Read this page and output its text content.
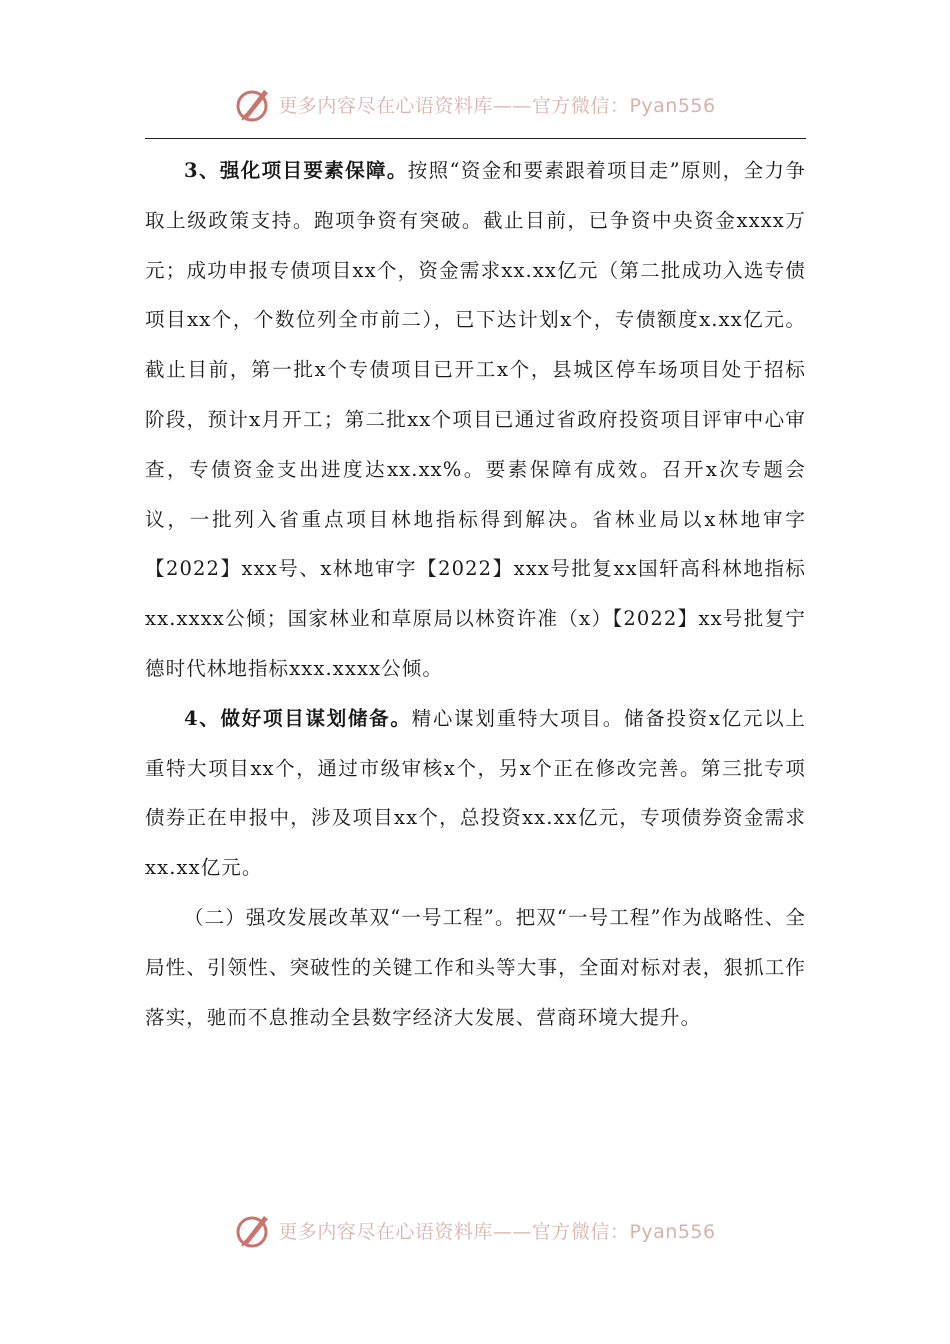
更多内容尽在心语资料库——官方微信：Pyan556

3、强化项目要素保障。按照“资金和要素跟着项目走”原则，全力争取上级政策支持。跑项争资有突破。截止目前，已争资中央资金xxxx万元；成功申报专债项目xx个，资金需求xx.xx亿元（第二批成功入选专债项目xx个，个数位列全市前二），已下达计划x个，专债额度x.xx亿元。截止目前，第一批x个专债项目已开工x个，县城区停车场项目处于招标阶段，预计x月开工；第二批xx个项目已通过省政府投资项目评审中心审查，专债资金支出进度达xx.xx%。要素保障有成效。召开x次专题会议，一批列入省重点项目林地指标得到解决。省林业局以x林地审字【2022】xxx号、x林地审字【2022】xxx号批复xx国轩高科林地指标xx.xxxx公倾；国家林业和草原局以林资许准（x）【2022】xx号批复宁德时代林地指标xxx.xxxx公倾。

4、做好项目谋划储备。精心谋划重特大项目。储备投资x亿元以上重特大项目xx个，通过市级审核x个，另x个正在修改完善。第三批专项债券正在申报中，涉及项目xx个，总投资xx.xx亿元，专项债券资金需求xx.xx亿元。

（二）强攻发展改革双“一号工程”。把双“一号工程”作为战略性、全局性、引领性、突破性的关键工作和头等大事，全面对标对表，狠抓工作落实，驰而不息推动全县数字经济大发展、营商环境大提升。

更多内容尽在心语资料库——官方微信：Pyan556
